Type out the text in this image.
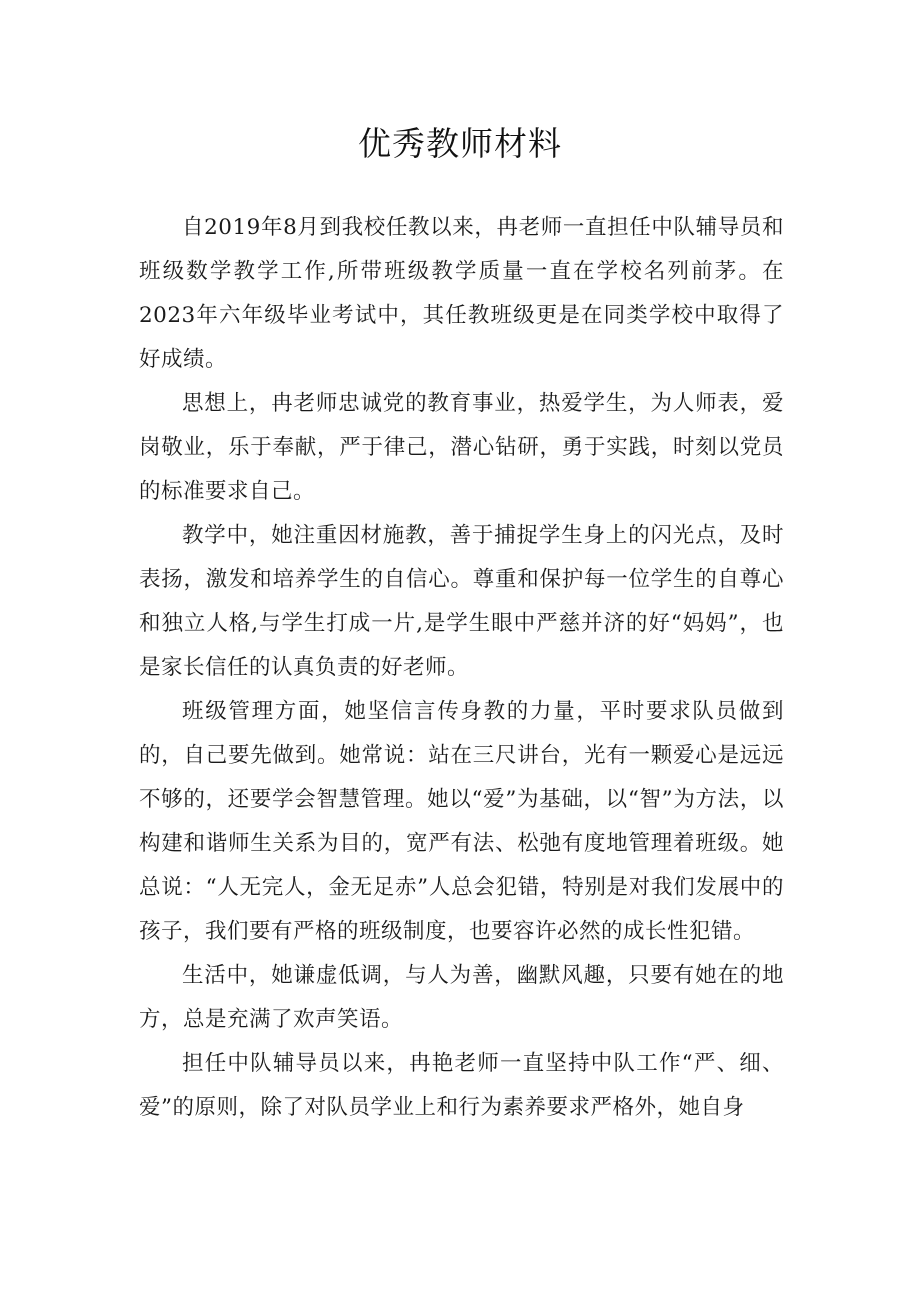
优秀教师材料

自2019年8月到我校任教以来，冉老师一直担任中队辅导员和班级数学教学工作,所带班级教学质量一直在学校名列前茅。在2023年六年级毕业考试中，其任教班级更是在同类学校中取得了好成绩。

思想上，冉老师忠诚党的教育事业，热爱学生，为人师表，爱岗敬业，乐于奉献，严于律己，潜心钻研，勇于实践，时刻以党员的标准要求自己。

教学中，她注重因材施教，善于捕捉学生身上的闪光点，及时表扬，激发和培养学生的自信心。尊重和保护每一位学生的自尊心和独立人格,与学生打成一片,是学生眼中严慈并济的好“妈妈”，也是家长信任的认真负责的好老师。

班级管理方面，她坚信言传身教的力量，平时要求队员做到的，自己要先做到。她常说：站在三尺讲台，光有一颗爱心是远远不够的，还要学会智慧管理。她以“爱”为基础，以“智”为方法，以构建和谐师生关系为目的，宽严有法、松弛有度地管理着班级。她总说：“人无完人，金无足赤”人总会犯错，特别是对我们发展中的孩子，我们要有严格的班级制度，也要容许必然的成长性犯错。

生活中，她谦虚低调，与人为善，幽默风趣，只要有她在的地方，总是充满了欢声笑语。

担任中队辅导员以来，冉艳老师一直坚持中队工作“严、细、爱”的原则，除了对队员学业上和行为素养要求严格外，她自身
